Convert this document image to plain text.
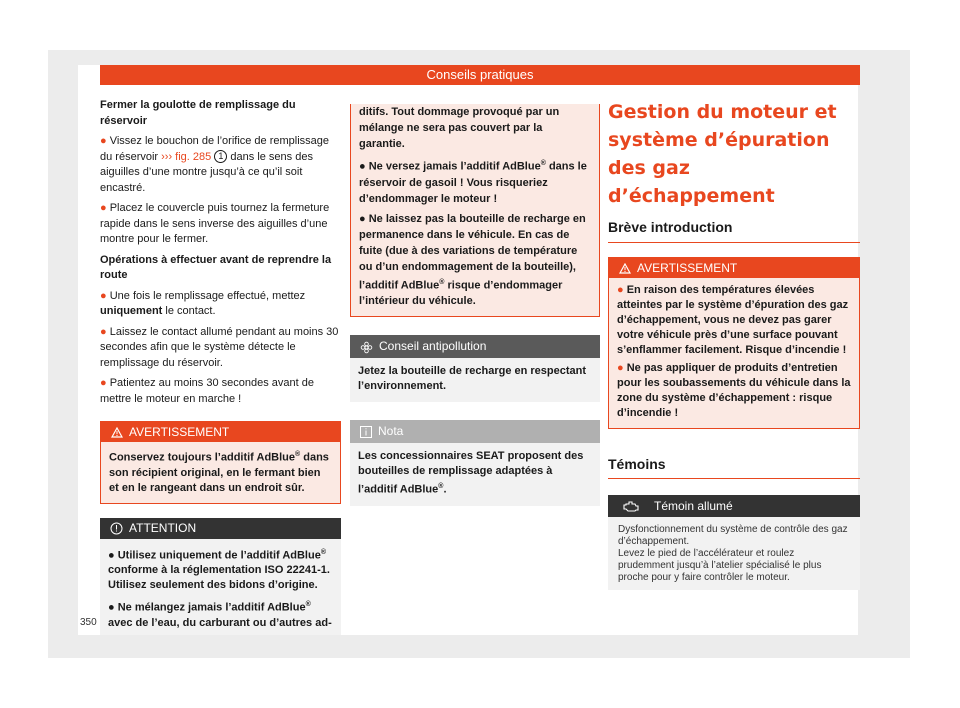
Conseils pratiques
Fermer la goulotte de remplissage du réservoir
● Vissez le bouchon de l’orifice de remplissage du réservoir ››› fig. 285 1 dans le sens des aiguilles d’une montre jusqu’à ce qu’il soit encastré.
● Placez le couvercle puis tournez la fermeture rapide dans le sens inverse des aiguilles d’une montre pour le fermer.
Opérations à effectuer avant de reprendre la route
● Une fois le remplissage effectué, mettez uniquement le contact.
● Laissez le contact allumé pendant au moins 30 secondes afin que le système détecte le remplissage du réservoir.
● Patientez au moins 30 secondes avant de mettre le moteur en marche !
AVERTISSEMENT
Conservez toujours l’additif AdBlue® dans son récipient original, en le fermant bien et en le rangeant dans un endroit sûr.
ATTENTION
● Utilisez uniquement de l’additif AdBlue® conforme à la réglementation ISO 22241-1. Utilisez seulement des bidons d’origine.
● Ne mélangez jamais l’additif AdBlue® avec de l’eau, du carburant ou d’autres ad-
ditifs. Tout dommage provoqué par un mélange ne sera pas couvert par la garantie.
● Ne versez jamais l’additif AdBlue® dans le réservoir de gasoil ! Vous risqueriez d’endommager le moteur !
● Ne laissez pas la bouteille de recharge en permanence dans le véhicule. En cas de fuite (due à des variations de température ou d’un endommagement de la bouteille), l’additif AdBlue® risque d’endommager l’intérieur du véhicule.
Conseil antipollution
Jetez la bouteille de recharge en respectant l’environnement.
Nota
Les concessionnaires SEAT proposent des bouteilles de remplissage adaptées à l’additif AdBlue®.
Gestion du moteur et système d’épuration des gaz d’échappement
Brève introduction
AVERTISSEMENT
● En raison des températures élevées atteintes par le système d’épuration des gaz d’échappement, vous ne devez pas garer votre véhicule près d’une surface pouvant s’enflammer facilement. Risque d’incendie !
● Ne pas appliquer de produits d’entretien pour les soubassements du véhicule dans la zone du système d’échappement : risque d’incendie !
Témoins
Témoin allumé
Dysfonctionnement du système de contrôle des gaz d’échappement.
Levez le pied de l’accélérateur et roulez prudemment jusqu’à l’atelier spécialisé le plus proche pour y faire contrôler le moteur.
350
